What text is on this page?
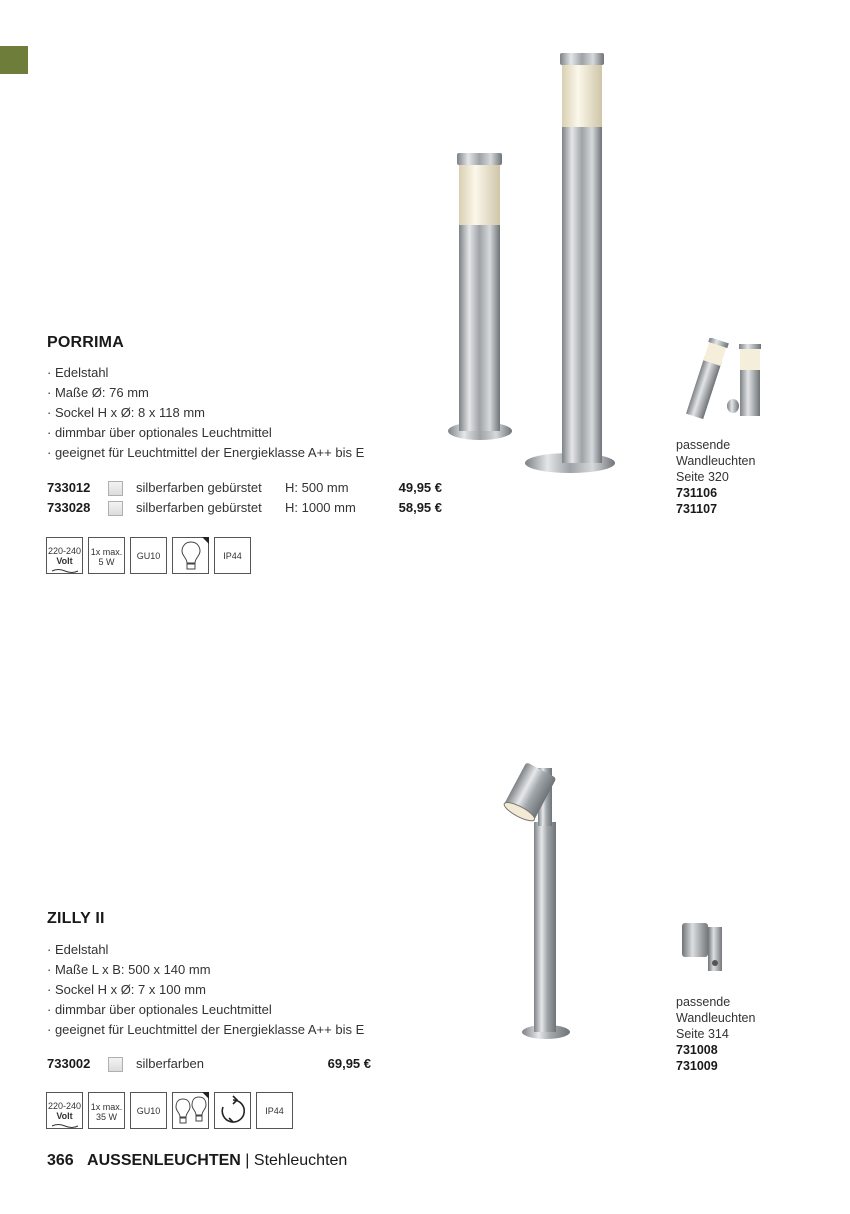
PORRIMA
· Edelstahl
· Maße Ø: 76 mm
· Sockel H x Ø: 8 x 118 mm
· dimmbar über optionales Leuchtmittel
· geeignet für Leuchtmittel der Energieklasse A++ bis E
733012	silberfarben gebürstet H: 500 mm	49,95 €
733028	silberfarben gebürstet H: 1000 mm	58,95 €
220-240
Volt
1x max.
5 W
GU10	IP44
passende
Wandleuchten
Seite 320
731106
731107
ZILLY II
· Edelstahl
· Maße L x B: 500 x 140 mm
· Sockel H x Ø: 7 x 100 mm
· dimmbar über optionales Leuchtmittel
· geeignet für Leuchtmittel der Energieklasse A++ bis E
733002	silberfarben	69,95 €
220-240
Volt
1x max.
35 W
GU10	IP44
passende
Wandleuchten
Seite 314
731008
731009
366 AUSSENLEUCHTEN | Stehleuchten
